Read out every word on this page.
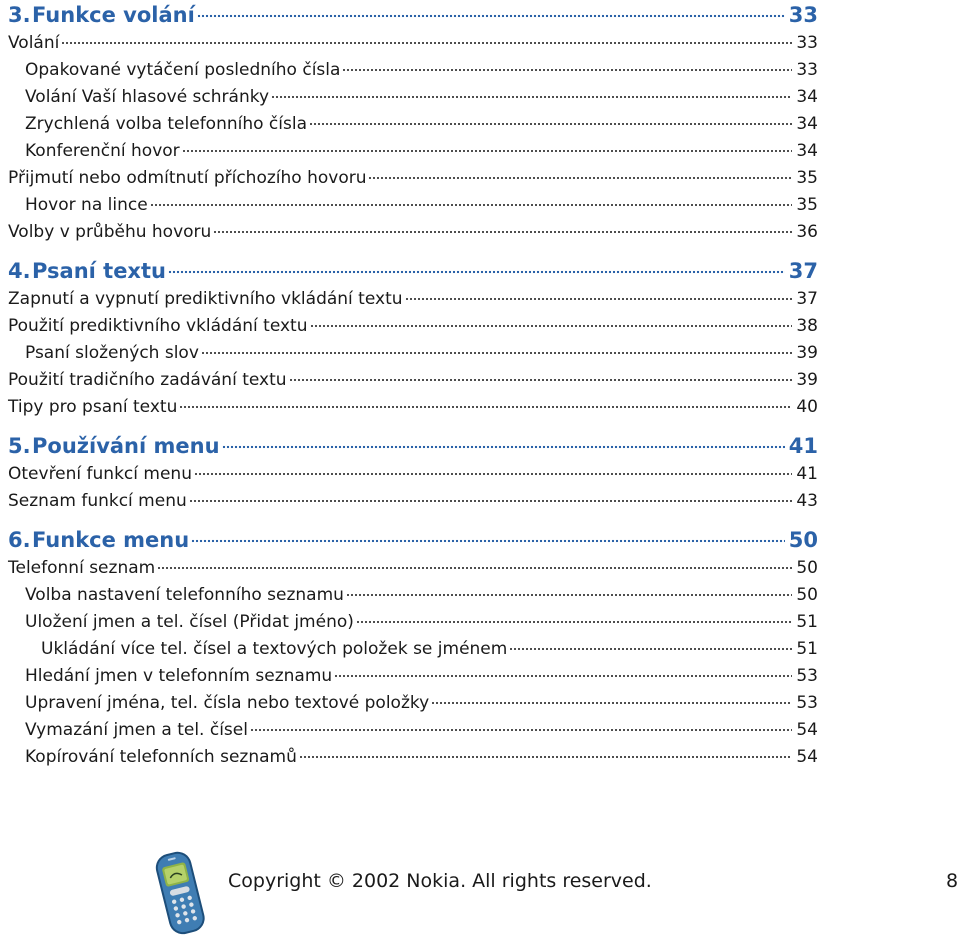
3.Funkce volání	33
Volání	33
Opakované vytáčení posledního čísla	33
Volání Vaší hlasové schránky	34
Zrychlená volba telefonního čísla	34
Konferenční hovor	34
Přijmutí nebo odmítnutí příchozího hovoru	35
Hovor na lince	35
Volby v průběhu hovoru	36
4.Psaní textu	37
Zapnutí a vypnutí prediktivního vkládání textu	37
Použití prediktivního vkládání textu	38
Psaní složených slov	39
Použití tradičního zadávání textu	39
Tipy pro psaní textu	40
5.Používání menu	41
Otevření funkcí menu	41
Seznam funkcí menu	43
6.Funkce menu	50
Telefonní seznam	50
Volba nastavení telefonního seznamu	50
Uložení jmen a tel. čísel (Přidat jméno)	51
Ukládání více tel. čísel a textových položek se jménem	51
Hledání jmen v telefonním seznamu	53
Upravení jména, tel. čísla nebo textové položky	53
Vymazání jmen a tel. čísel	54
Kopírování telefonních seznamů	54
Copyright © 2002 Nokia. All rights reserved.	8
